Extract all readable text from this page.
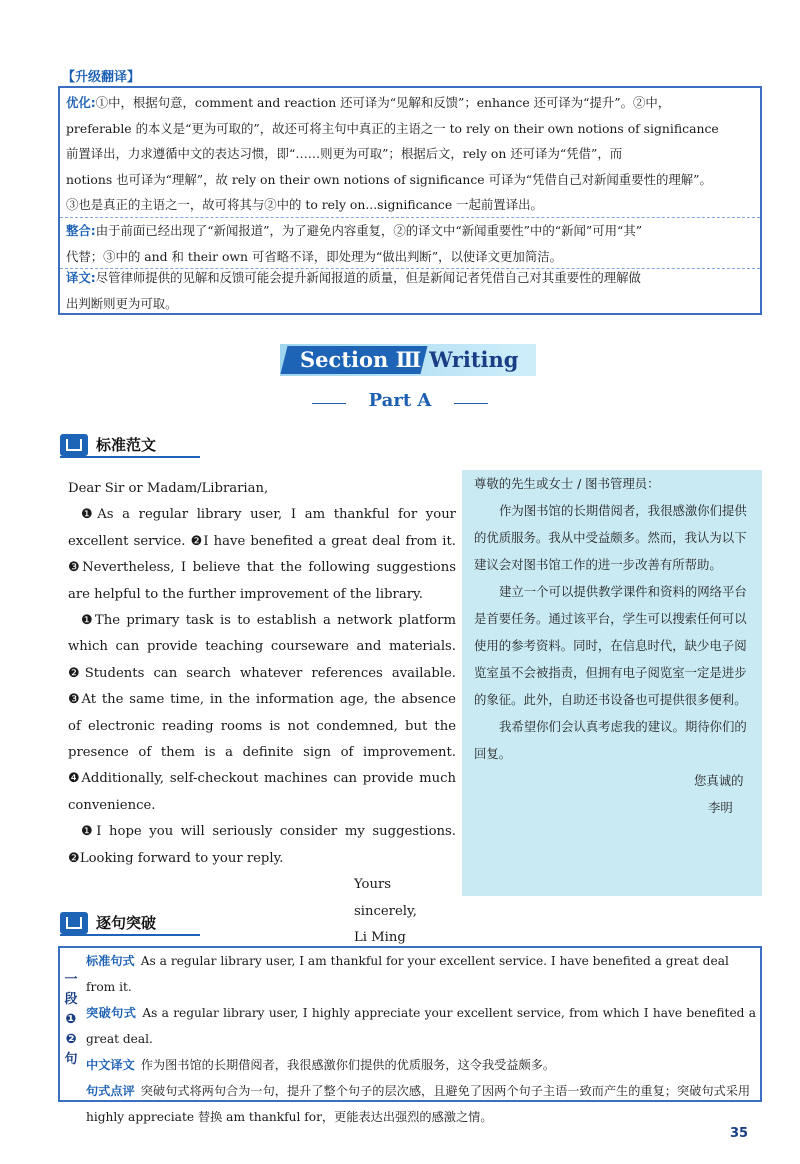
【升级翻译】
优化:①中，根据句意，comment and reaction 还可译为“见解和反馈”；enhance 还可译为“提升”。②中，
preferable 的本义是“更为可取的”，故还可将主句中真正的主语之一 to rely on their own notions of significance
前置译出，力求遵循中文的表达习惯，即“……则更为可取”；根据后文，rely on 还可译为“凭借”，而
notions 也可译为“理解”，故 rely on their own notions of significance 可译为“凭借自己对新闻重要性的理解”。
③也是真正的主语之一，故可将其与②中的 to rely on...significance 一起前置译出。
整合:由于前面已经出现了“新闻报道”，为了避免内容重复，②的译文中“新闻重要性”中的“新闻”可用“其”
代替；③中的 and 和 their own 可省略不译，即处理为“做出判断”，以使译文更加简洁。
译文:尽管律师提供的见解和反馈可能会提升新闻报道的质量，但是新闻记者凭借自己对其重要性的理解做
出判断则更为可取。
Section Ⅲ Writing
Part A
标准范文

Dear Sir or Madam/Librarian,

❶As a regular library user, I am thankful for your excellent service. ❷I have benefited a great deal from it. ❸Nevertheless, I believe that the following suggestions are helpful to the further improvement of the library.

❶The primary task is to establish a network platform which can provide teaching courseware and materials. ❷Students can search whatever references available. ❸At the same time, in the information age, the absence of electronic reading rooms is not condemned, but the presence of them is a definite sign of improvement. ❹Additionally, self-checkout machines can provide much convenience.

❶I hope you will seriously consider my suggestions. ❷Looking forward to your reply.

Yours sincerely,

Li Ming

尊敬的先生或女士 / 图书管理员：

作为图书馆的长期借阅者，我很感激你们提供的优质服务。我从中受益颇多。然而，我认为以下建议会对图书馆工作的进一步改善有所帮助。

建立一个可以提供教学课件和资料的网络平台是首要任务。通过该平台，学生可以搜索任何可以使用的参考资料。同时，在信息时代，缺少电子阅览室虽不会被指责，但拥有电子阅览室一定是进步的象征。此外，自助还书设备也可提供很多便利。

我希望你们会认真考虑我的建议。期待你们的回复。

您真诚的

李明

逐句突破
一
段
❶
❷
句
标准句式 As a regular library user, I am thankful for your excellent service. I have benefited a great deal from it.
突破句式 As a regular library user, I highly appreciate your excellent service, from which I have benefited a great deal.
中文译文 作为图书馆的长期借阅者，我很感激你们提供的优质服务，这令我受益颇多。
句式点评 突破句式将两句合为一句，提升了整个句子的层次感，且避免了因两个句子主语一致而产生的重复；突破句式采用 highly appreciate 替换 am thankful for，更能表达出强烈的感激之情。
35
